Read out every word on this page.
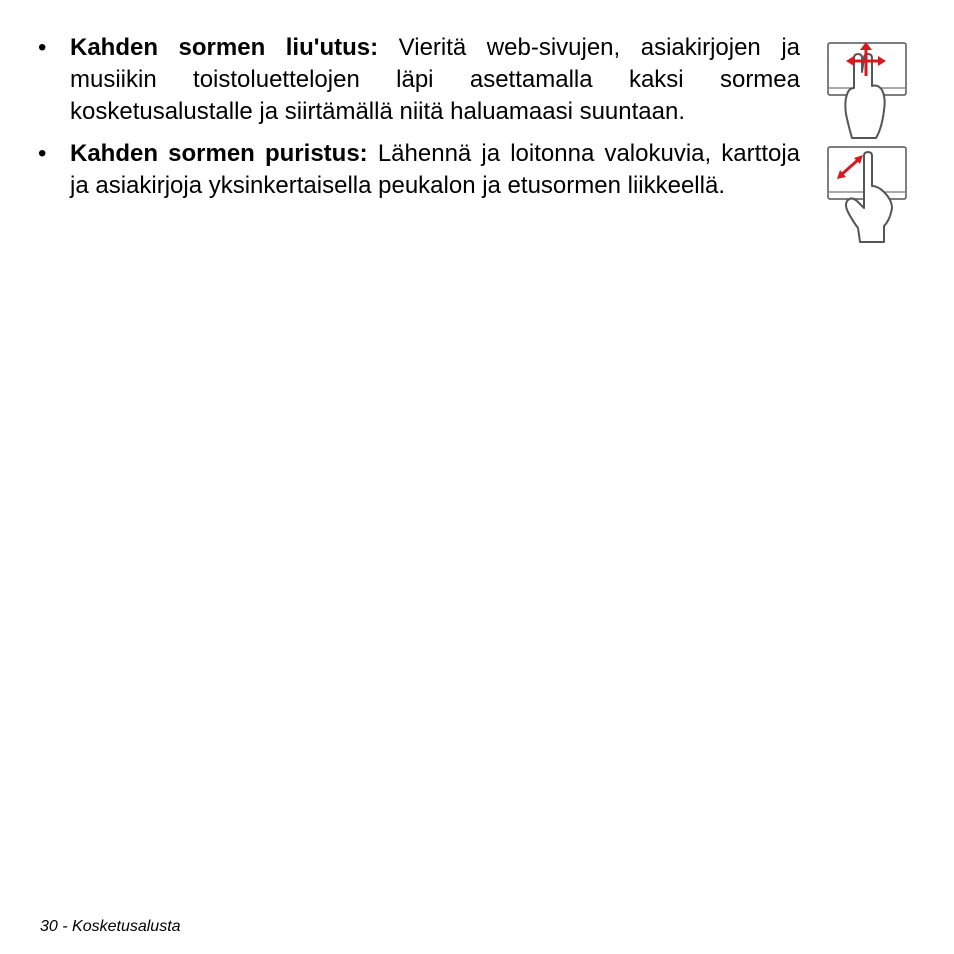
• Kahden sormen liu'utus: Vieritä web-sivujen, asiakirjojen ja musiikin toistoluettelojen läpi asettamalla kaksi sormea kosketusalustalle ja siirtämällä niitä haluamaasi suuntaan.

• Kahden sormen puristus: Lähennä ja loitonna valokuvia, karttoja ja asiakirjoja yksinkertaisella peukalon ja etusormen liikkeellä.

30 - Kosketusalusta
